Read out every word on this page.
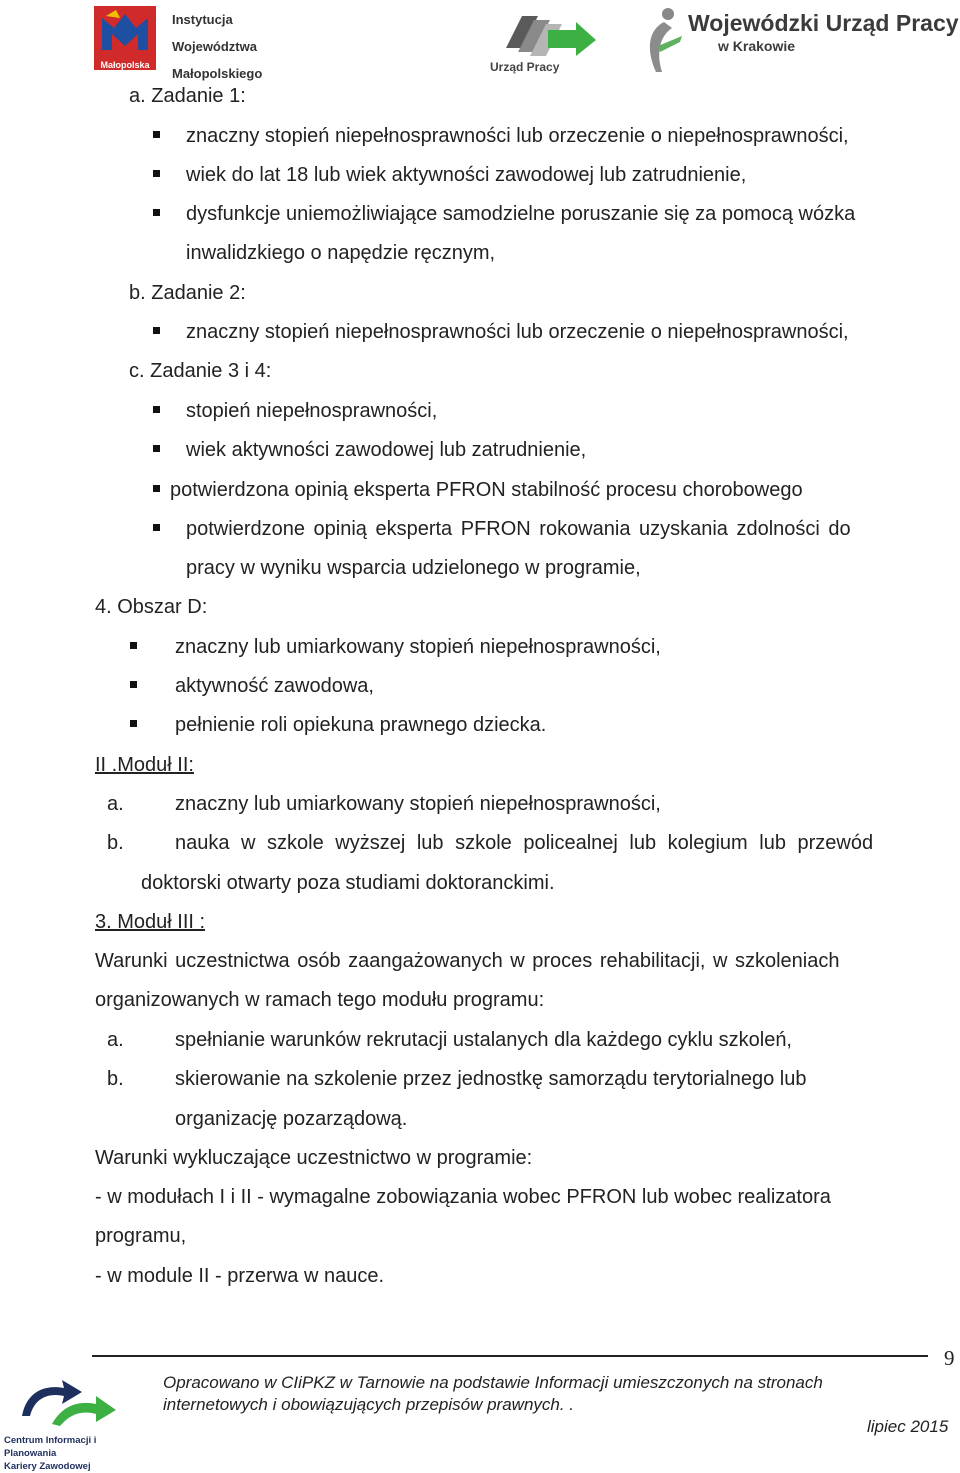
Małopolska
Instytucja
Województwa
Małopolskiego	Urząd Pracy
Wojewódzki Urząd Pracy
w Krakowie
a. Zadanie 1:
znaczny stopień niepełnosprawności lub orzeczenie o niepełnosprawności,
wiek do lat 18 lub wiek aktywności zawodowej lub zatrudnienie,
dysfunkcje uniemożliwiające samodzielne poruszanie się za pomocą wózka
inwalidzkiego o napędzie ręcznym,
b. Zadanie 2:
znaczny stopień niepełnosprawności lub orzeczenie o niepełnosprawności,
c. Zadanie 3 i 4:
stopień niepełnosprawności,
wiek aktywności zawodowej lub zatrudnienie,
potwierdzona opinią eksperta PFRON stabilność procesu chorobowego
potwierdzone opinią eksperta PFRON rokowania uzyskania zdolności do
pracy w wyniku wsparcia udzielonego w programie,
4. Obszar D:
znaczny lub umiarkowany stopień niepełnosprawności,
aktywność zawodowa,
pełnienie roli opiekuna prawnego dziecka.
II .Moduł II:
a.	znaczny lub umiarkowany stopień niepełnosprawności,
b.	nauka w szkole wyższej lub szkole policealnej lub kolegium lub przewód
doktorski otwarty poza studiami doktoranckimi.
3. Moduł III :
Warunki uczestnictwa osób zaangażowanych w proces rehabilitacji, w szkoleniach
organizowanych w ramach tego modułu programu:
a.	spełnianie warunków rekrutacji ustalanych dla każdego cyklu szkoleń,
b.	skierowanie na szkolenie przez jednostkę samorządu terytorialnego lub
organizację pozarządową.
Warunki wykluczające uczestnictwo w programie:
- w modułach I i II - wymagalne zobowiązania wobec PFRON lub wobec realizatora
programu,
- w module II - przerwa w nauce.
9
Centrum Informacji i Planowania
Kariery Zawodowej
Opracowano w CIiPKZ w Tarnowie na podstawie Informacji umieszczonych na stronach
internetowych i obowiązujących przepisów prawnych. .
lipiec 2015
